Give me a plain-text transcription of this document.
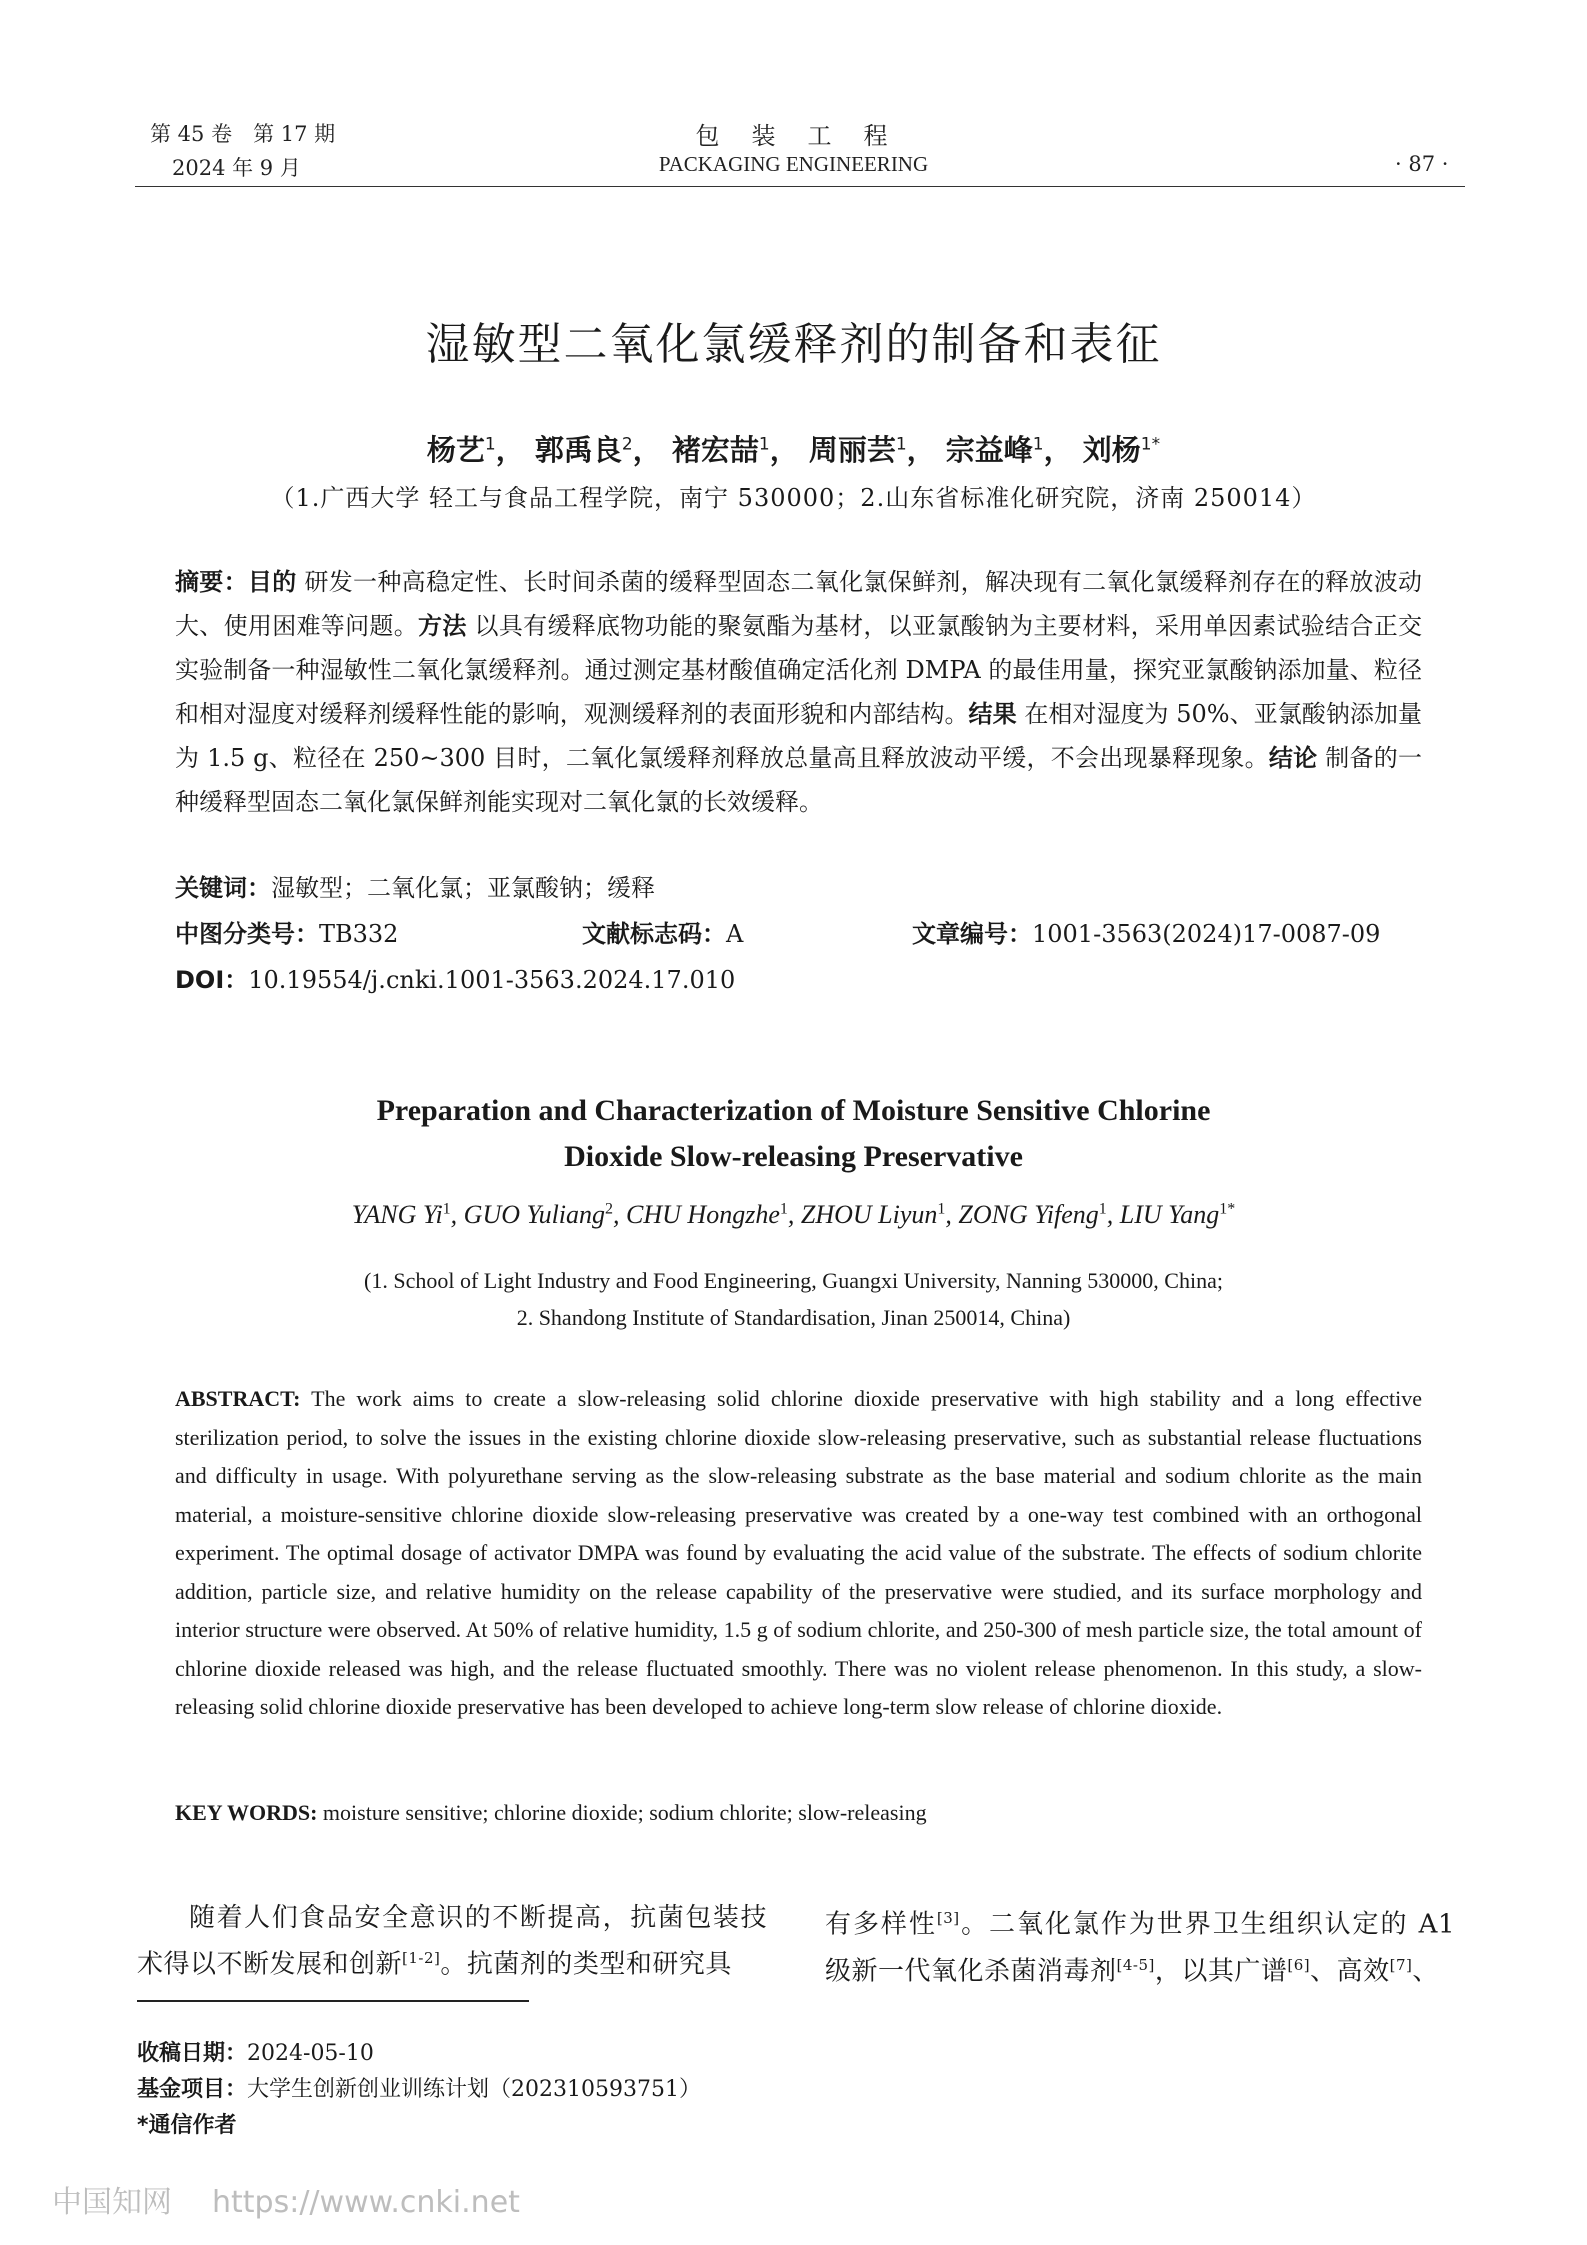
第 45 卷　第 17 期
2024 年 9 月
包　装　工　程
PACKAGING ENGINEERING	· 87 ·
湿敏型二氧化氯缓释剂的制备和表征
杨艺$^1$， 郭禹良$^2$， 褚宏喆$^1$， 周丽芸$^1$， 宗益峰$^1$， 刘杨$^{1*}$
（1.广西大学 轻工与食品工程学院，南宁 530000；2.山东省标准化研究院，济南 250014）
摘要：目的 研发一种高稳定性、长时间杀菌的缓释型固态二氧化氯保鲜剂，解决现有二氧化氯缓释剂存在的释放波动大、使用困难等问题。方法 以具有缓释底物功能的聚氨酯为基材，以亚氯酸钠为主要材料，采用单因素试验结合正交实验制备一种湿敏性二氧化氯缓释剂。通过测定基材酸值确定活化剂 DMPA 的最佳用量，探究亚氯酸钠添加量、粒径和相对湿度对缓释剂缓释性能的影响，观测缓释剂的表面形貌和内部结构。结果 在相对湿度为 50%、亚氯酸钠添加量为 1.5 g、粒径在 250~300 目时，二氧化氯缓释剂释放总量高且释放波动平缓，不会出现暴释现象。结论 制备的一种缓释型固态二氧化氯保鲜剂能实现对二氧化氯的长效缓释。
关键词：湿敏型；二氧化氯；亚氯酸钠；缓释
中图分类号：TB332	文献标志码：A	文章编号：1001-3563(2024)17-0087-09
DOI：10.19554/j.cnki.1001-3563.2024.17.010
Preparation and Characterization of Moisture Sensitive Chlorine
Dioxide Slow-releasing Preservative
YANG Yi$^1$, GUO Yuliang$^2$, CHU Hongzhe$^1$, ZHOU Liyun$^1$, ZONG Yifeng$^1$, LIU Yang$^{1*}$
(1. School of Light Industry and Food Engineering, Guangxi University, Nanning 530000, China;
2. Shandong Institute of Standardisation, Jinan 250014, China)
ABSTRACT: The work aims to create a slow-releasing solid chlorine dioxide preservative with high stability and a long effective sterilization period, to solve the issues in the existing chlorine dioxide slow-releasing preservative, such as substantial release fluctuations and difficulty in usage. With polyurethane serving as the slow-releasing substrate as the base material and sodium chlorite as the main material, a moisture-sensitive chlorine dioxide slow-releasing preservative was created by a one-way test combined with an orthogonal experiment. The optimal dosage of activator DMPA was found by evaluating the acid value of the substrate. The effects of sodium chlorite addition, particle size, and relative humidity on the release capability of the preservative were studied, and its surface morphology and interior structure were observed. At 50% of relative humidity, 1.5 g of sodium chlorite, and 250-300 of mesh particle size, the total amount of chlorine dioxide released was high, and the release fluctuated smoothly. There was no violent release phenomenon. In this study, a slow-releasing solid chlorine dioxide preservative has been developed to achieve long-term slow release of chlorine dioxide.
KEY WORDS: moisture sensitive; chlorine dioxide; sodium chlorite; slow-releasing
随着人们食品安全意识的不断提高，抗菌包装技术得以不断发展和创新[1-2]。抗菌剂的类型和研究具
有多样性[3]。二氧化氯作为世界卫生组织认定的 A1 级新一代氧化杀菌消毒剂[4-5]，以其广谱[6]、高效[7]、
收稿日期：2024-05-10
基金项目：大学生创新创业训练计划（202310593751）
*通信作者
中国知网 https://www.cnki.net
